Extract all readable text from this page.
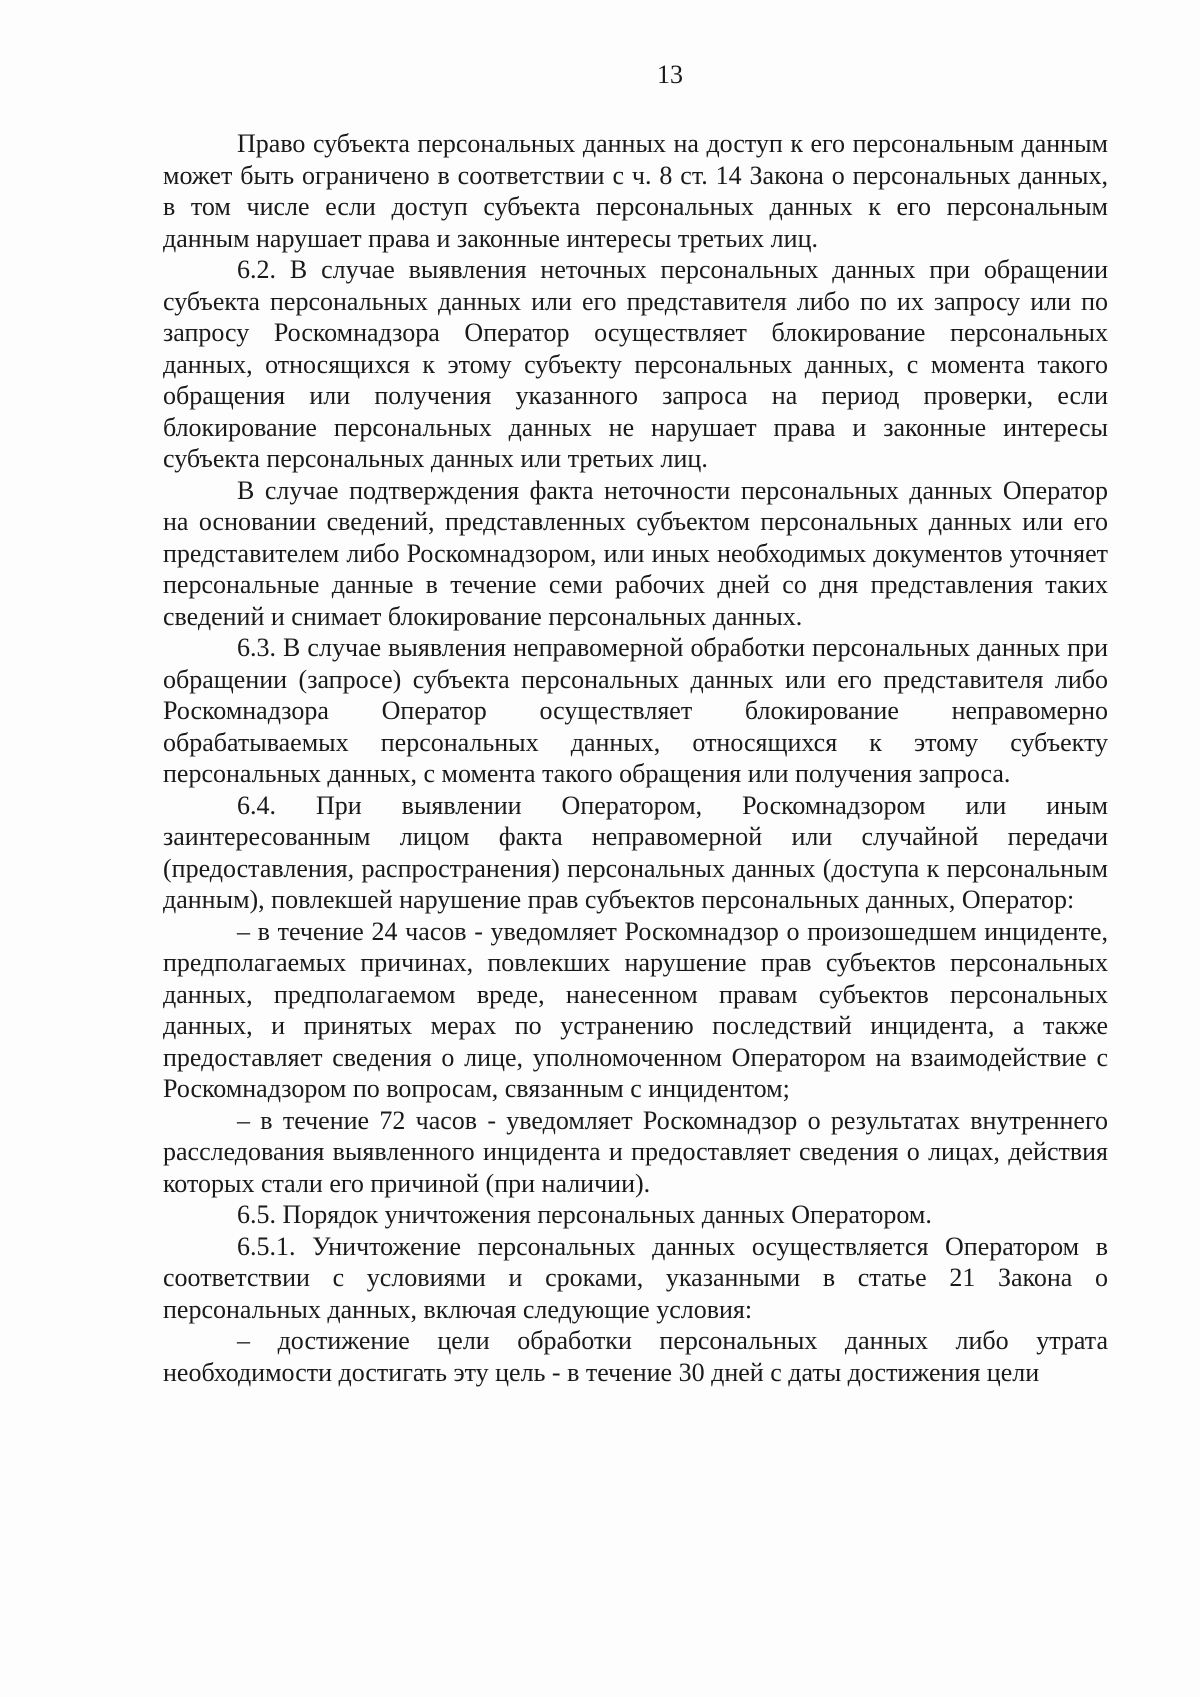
13

Право субъекта персональных данных на доступ к его персональным данным может быть ограничено в соответствии с ч. 8 ст. 14 Закона о персональных данных, в том числе если доступ субъекта персональных данных к его персональным данным нарушает права и законные интересы третьих лиц.

6.2. В случае выявления неточных персональных данных при обращении субъекта персональных данных или его представителя либо по их запросу или по запросу Роскомнадзора Оператор осуществляет блокирование персональных данных, относящихся к этому субъекту персональных данных, с момента такого обращения или получения указанного запроса на период проверки, если блокирование персональных данных не нарушает права и законные интересы субъекта персональных данных или третьих лиц.

В случае подтверждения факта неточности персональных данных Оператор на основании сведений, представленных субъектом персональных данных или его представителем либо Роскомнадзором, или иных необходимых документов уточняет персональные данные в течение семи рабочих дней со дня представления таких сведений и снимает блокирование персональных данных.

6.3. В случае выявления неправомерной обработки персональных данных при обращении (запросе) субъекта персональных данных или его представителя либо Роскомнадзора Оператор осуществляет блокирование неправомерно обрабатываемых персональных данных, относящихся к этому субъекту персональных данных, с момента такого обращения или получения запроса.

6.4. При выявлении Оператором, Роскомнадзором или иным заинтересованным лицом факта неправомерной или случайной передачи (предоставления, распространения) персональных данных (доступа к персональным данным), повлекшей нарушение прав субъектов персональных данных, Оператор:

– в течение 24 часов - уведомляет Роскомнадзор о произошедшем инциденте, предполагаемых причинах, повлекших нарушение прав субъектов персональных данных, предполагаемом вреде, нанесенном правам субъектов персональных данных, и принятых мерах по устранению последствий инцидента, а также предоставляет сведения о лице, уполномоченном Оператором на взаимодействие с Роскомнадзором по вопросам, связанным с инцидентом;

– в течение 72 часов - уведомляет Роскомнадзор о результатах внутреннего расследования выявленного инцидента и предоставляет сведения о лицах, действия которых стали его причиной (при наличии).

6.5. Порядок уничтожения персональных данных Оператором.

6.5.1. Уничтожение персональных данных осуществляется Оператором в соответствии с условиями и сроками, указанными в статье 21 Закона о персональных данных, включая следующие условия:

– достижение цели обработки персональных данных либо утрата необходимости достигать эту цель - в течение 30 дней с даты достижения цели
